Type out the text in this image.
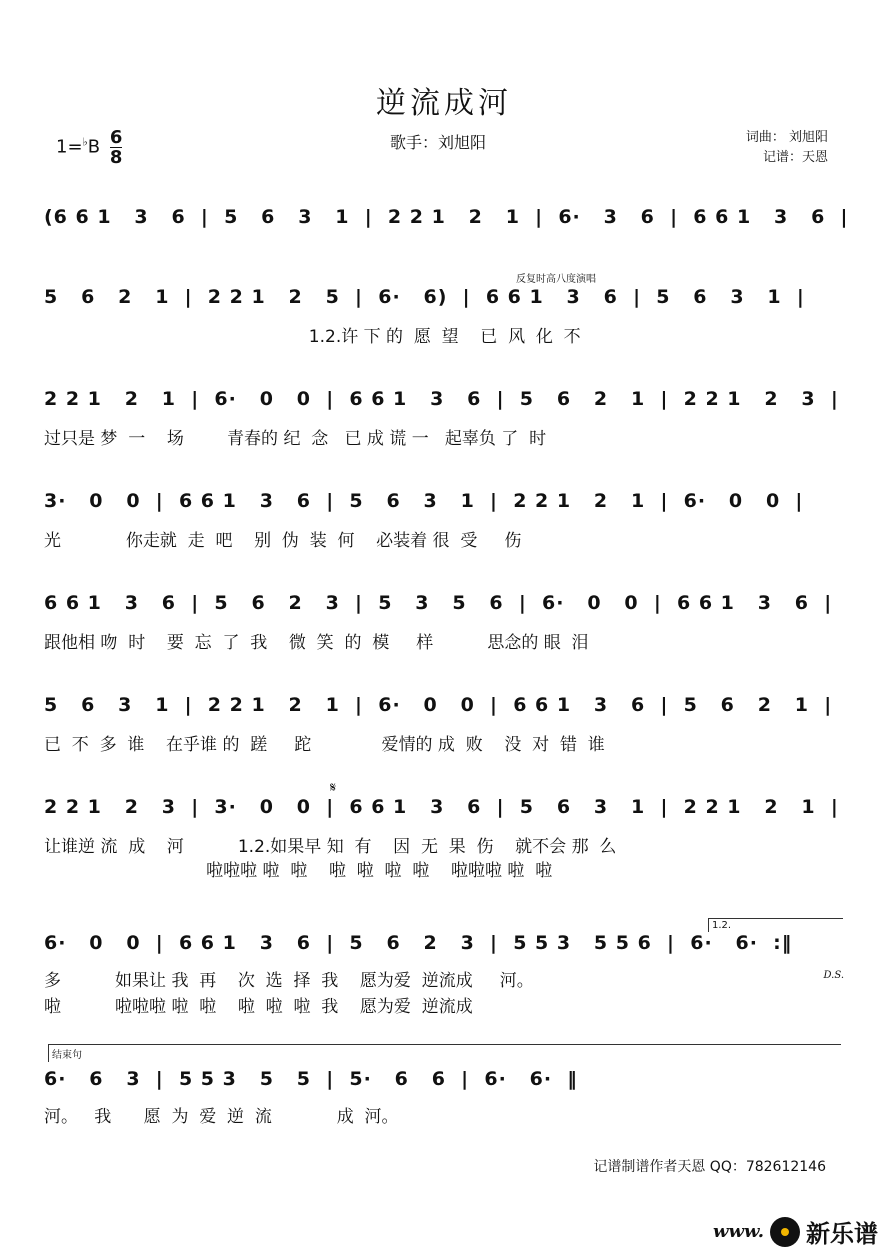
逆流成河
$1=^♭B \frac{6}{8}$	歌手：刘旭阳	词曲： 刘旭阳
记谱：天恩
反复时高八度演唱
(6 6 1   3   6  |  5   6   3   1  |  2 2 1   2   1  |  6·   3   6  |  6 6 1   3   6  |
5   6   2   1  |  2 2 1   2   5  |  6·   6)  |  6 6 1   3   6  |  5   6   3   1  |
1.2.许 下 的  愿  望    已  风  化  不
2 2 1   2   1  |  6·   0   0  |  6 6 1   3   6  |  5   6   2   1  |  2 2 1   2   3  |
过只是 梦  一    场        青春的 纪  念   已 成 谎 一   起辜负 了  时
3·   0   0  |  6 6 1   3   6  |  5   6   3   1  |  2 2 1   2   1  |  6·   0   0  |
光            你走就  走  吧    别  伪  装  何    必装着 很  受     伤
6 6 1   3   6  |  5   6   2   3  |  5   3   5   6  |  6·   0   0  |  6 6 1   3   6  |
跟他相 吻  时    要  忘  了  我    微  笑  的  模     样          思念的 眼  泪
5   6   3   1  |  2 2 1   2   1  |  6·   0   0  |  6 6 1   3   6  |  5   6   2   1  |
已  不  多  谁    在乎谁 的  蹉     跎             爱情的 成  败    没  对  错  谁
𝄋
2 2 1   2   3  |  3·   0   0  |  6 6 1   3   6  |  5   6   3   1  |  2 2 1   2   1  |
让谁逆 流  成    河          1.2.如果早 知  有    因  无  果  伤    就不会 那  么
啦啦啦 啦  啦    啦  啦  啦  啦    啦啦啦 啦  啦
1.2.
6·   0   0  |  6 6 1   3   6  |  5   6   2   3  |  5 5 3   5 5 6  |  6·   6·  :‖
多          如果让 我  再    次  选  择  我    愿为爱  逆流成     河。
啦          啦啦啦 啦  啦    啦  啦  啦  我    愿为爱  逆流成
D.S.
结束句
6·   6   3  |  5 5 3   5   5  |  5·   6   6  |  6·   6·  ‖
河。   我      愿  为  爱  逆  流            成  河。
记谱制谱作者天恩 QQ：782612146
www. 新乐谱
